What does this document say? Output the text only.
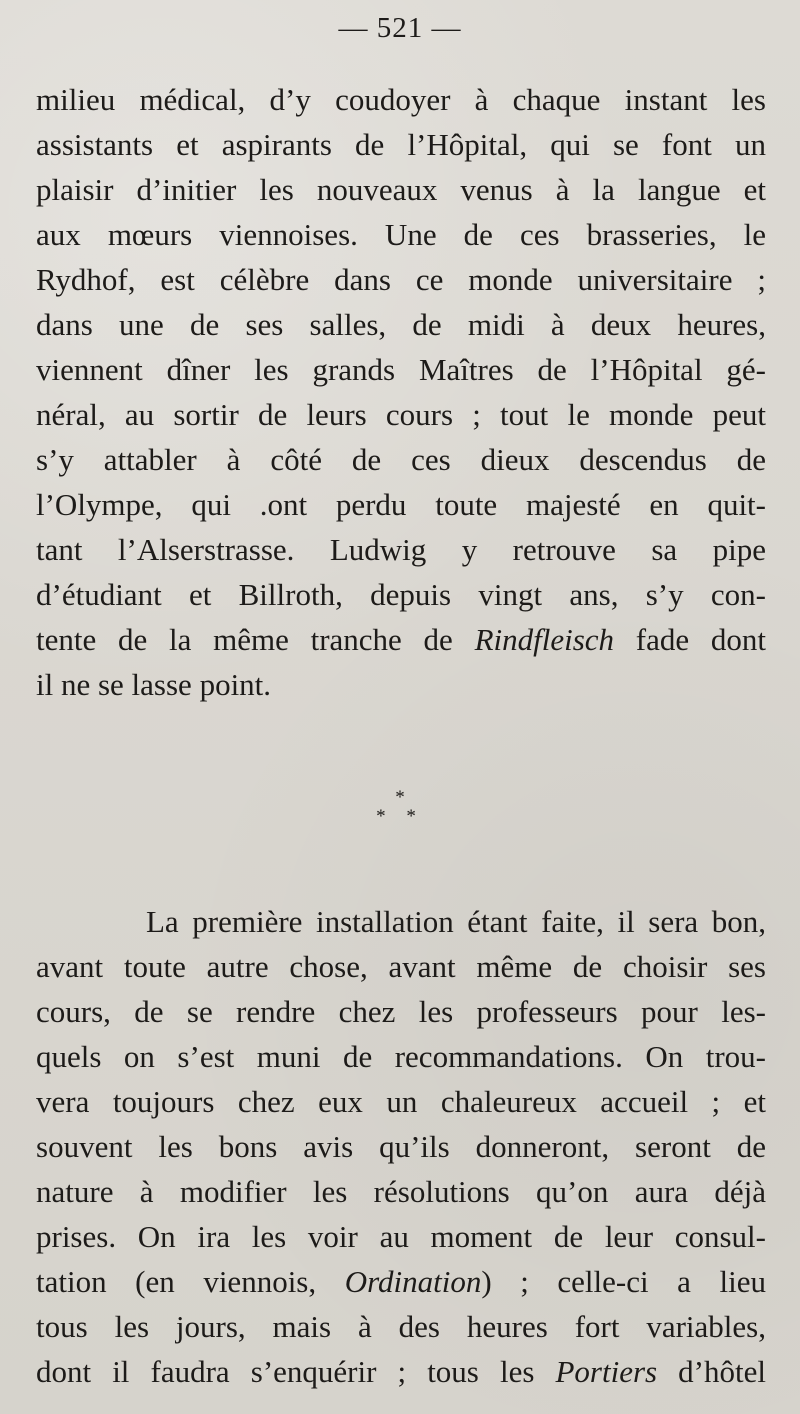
— 521 —
milieu médical, d’y coudoyer à chaque instant les
assistants et aspirants de l’Hôpital, qui se font un
plaisir d’initier les nouveaux venus à la langue et
aux mœurs viennoises. Une de ces brasseries, le
Rydhof, est célèbre dans ce monde universitaire ;
dans une de ses salles, de midi à deux heures,
viennent dîner les grands Maîtres de l’Hôpital gé-
néral, au sortir de leurs cours ; tout le monde peut
s’y attabler à côté de ces dieux descendus de
l’Olympe, qui .ont perdu toute majesté en quit-
tant l’Alserstrasse. Ludwig y retrouve sa pipe
d’étudiant et Billroth, depuis vingt ans, s’y con-
tente de la même tranche de Rindfleisch fade dont
il ne se lasse point.
*
* *
La première installation étant faite, il sera bon,
avant toute autre chose, avant même de choisir ses
cours, de se rendre chez les professeurs pour les-
quels on s’est muni de recommandations. On trou-
vera toujours chez eux un chaleureux accueil ; et
souvent les bons avis qu’ils donneront, seront de
nature à modifier les résolutions qu’on aura déjà
prises. On ira les voir au moment de leur consul-
tation (en viennois, Ordination) ; celle-ci a lieu
tous les jours, mais à des heures fort variables,
dont il faudra s’enquérir ; tous les Portiers d’hôtel
